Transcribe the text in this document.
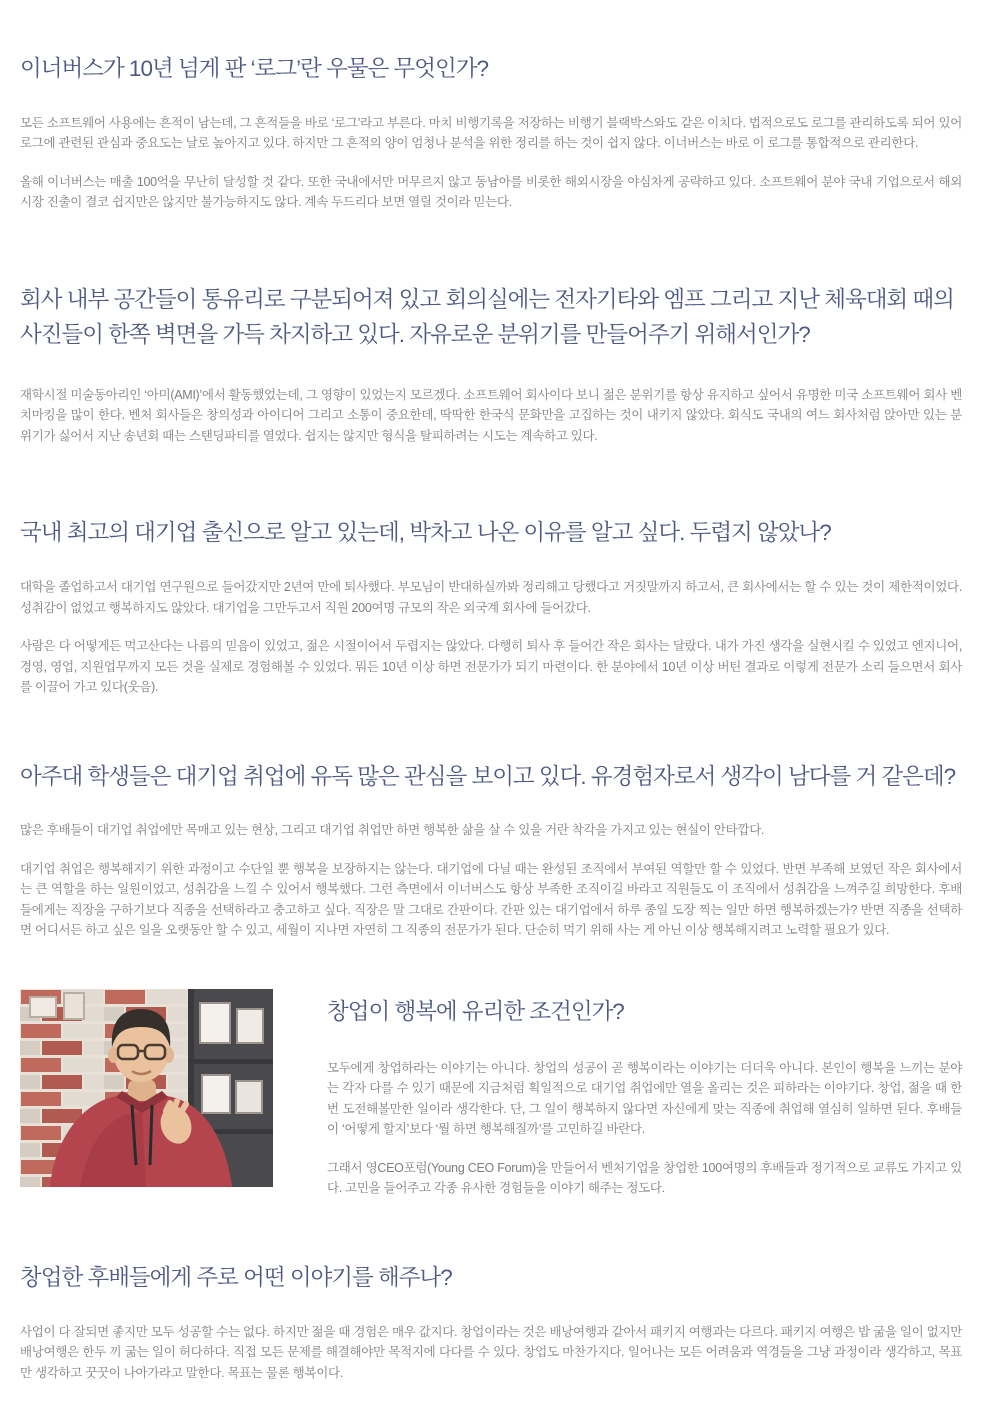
이너버스가 10년 넘게 판 ‘로그’란 우물은 무엇인가?

모든 소프트웨어 사용에는 흔적이 남는데, 그 흔적들을 바로 ‘로그’라고 부른다. 마치 비행기록을 저장하는 비행기 블랙박스와도 같은 이치다. 법적으로도 로그를 관리하도록 되어 있어 로그에 관련된 관심과 중요도는 날로 높아지고 있다. 하지만 그 흔적의 양이 엄청나 분석을 위한 정리를 하는 것이 쉽지 않다. 이너버스는 바로 이 로그를 통합적으로 관리한다.

올해 이너버스는 매출 100억을 무난히 달성할 것 같다. 또한 국내에서만 머무르지 않고 동남아를 비롯한 해외시장을 야심차게 공략하고 있다. 소프트웨어 분야 국내 기업으로서 해외시장 진출이 결코 쉽지만은 않지만 불가능하지도 않다. 계속 두드리다 보면 열릴 것이라 믿는다.

회사 내부 공간들이 통유리로 구분되어져 있고 회의실에는 전자기타와 엠프 그리고 지난 체육대회 때의 사진들이 한쪽 벽면을 가득 차지하고 있다. 자유로운 분위기를 만들어주기 위해서인가?

재학시절 미술동아리인 ‘아미(AMI)’에서 활동했었는데, 그 영향이 있었는지 모르겠다. 소프트웨어 회사이다 보니 젊은 분위기를 항상 유지하고 싶어서 유명한 미국 소프트웨어 회사 벤치마킹을 많이 한다. 벤처 회사들은 창의성과 아이디어 그리고 소통이 중요한데, 딱딱한 한국식 문화만을 고집하는 것이 내키지 않았다. 회식도 국내의 여느 회사처럼 앉아만 있는 분위기가 싫어서 지난 송년회 때는 스탠딩파티를 열었다. 쉽지는 않지만 형식을 탈피하려는 시도는 계속하고 있다.

국내 최고의 대기업 출신으로 알고 있는데, 박차고 나온 이유를 알고 싶다. 두렵지 않았나?

대학을 졸업하고서 대기업 연구원으로 들어갔지만 2년여 만에 퇴사했다. 부모님이 반대하실까봐 정리해고 당했다고 거짓말까지 하고서, 큰 회사에서는 할 수 있는 것이 제한적이었다. 성취감이 없었고 행복하지도 않았다. 대기업을 그만두고서 직원 200여명 규모의 작은 외국계 회사에 들어갔다.

사람은 다 어떻게든 먹고산다는 나름의 믿음이 있었고, 젊은 시절이어서 두렵지는 않았다. 다행히 퇴사 후 들어간 작은 회사는 달랐다. 내가 가진 생각을 실현시킬 수 있었고 엔지니어, 경영, 영업, 지원업무까지 모든 것을 실제로 경험해볼 수 있었다. 뭐든 10년 이상 하면 전문가가 되기 마련이다. 한 분야에서 10년 이상 버틴 결과로 이렇게 전문가 소리 들으면서 회사를 이끌어 가고 있다(웃음).

아주대 학생들은 대기업 취업에 유독 많은 관심을 보이고 있다. 유경험자로서 생각이 남다를 거 같은데?

많은 후배들이 대기업 취업에만 목매고 있는 현상, 그리고 대기업 취업만 하면 행복한 삶을 살 수 있을 거란 착각을 가지고 있는 현실이 안타깝다.

대기업 취업은 행복해지기 위한 과정이고 수단일 뿐 행복을 보장하지는 않는다. 대기업에 다닐 때는 완성된 조직에서 부여된 역할만 할 수 있었다. 반면 부족해 보였던 작은 회사에서는 큰 역할을 하는 일원이었고, 성취감을 느낄 수 있어서 행복했다. 그런 측면에서 이너버스도 항상 부족한 조직이길 바라고 직원들도 이 조직에서 성취감을 느껴주길 희망한다. 후배들에게는 직장을 구하기보다 직종을 선택하라고 충고하고 싶다. 직장은 말 그대로 간판이다. 간판 있는 대기업에서 하루 종일 도장 찍는 일만 하면 행복하겠는가? 반면 직종을 선택하면 어디서든 하고 싶은 일을 오랫동안 할 수 있고, 세월이 지나면 자연히 그 직종의 전문가가 된다. 단순히 먹기 위해 사는 게 아닌 이상 행복해지려고 노력할 필요가 있다.

창업이 행복에 유리한 조건인가?

모두에게 창업하라는 이야기는 아니다. 창업의 성공이 곧 행복이라는 이야기는 더더욱 아니다. 본인이 행복을 느끼는 분야는 각자 다를 수 있기 때문에 지금처럼 획일적으로 대기업 취업에만 열을 올리는 것은 피하라는 이야기다. 창업, 젊을 때 한번 도전해볼만한 일이라 생각한다. 단, 그 일이 행복하지 않다면 자신에게 맞는 직종에 취업해 열심히 일하면 된다. 후배들이 ‘어떻게 할지’보다 ‘뭘 하면 행복해질까’를 고민하길 바란다.

그래서 영CEO포럼(Young CEO Forum)을 만들어서 벤처기업을 창업한 100여명의 후배들과 정기적으로 교류도 가지고 있다. 고민을 들어주고 각종 유사한 경험들을 이야기 해주는 정도다.

창업한 후배들에게 주로 어떤 이야기를 해주나?

사업이 다 잘되면 좋지만 모두 성공할 수는 없다. 하지만 젊을 때 경험은 매우 값지다. 창업이라는 것은 배낭여행과 같아서 패키지 여행과는 다르다. 패키지 여행은 밥 굶을 일이 없지만 배낭여행은 한두 끼 굶는 일이 허다하다. 직접 모든 문제를 해결해야만 목적지에 다다를 수 있다. 창업도 마찬가지다. 일어나는 모든 어려움과 역경들을 그냥 과정이라 생각하고, 목표만 생각하고 꿋꿋이 나아가라고 말한다. 목표는 물론 행복이다.
